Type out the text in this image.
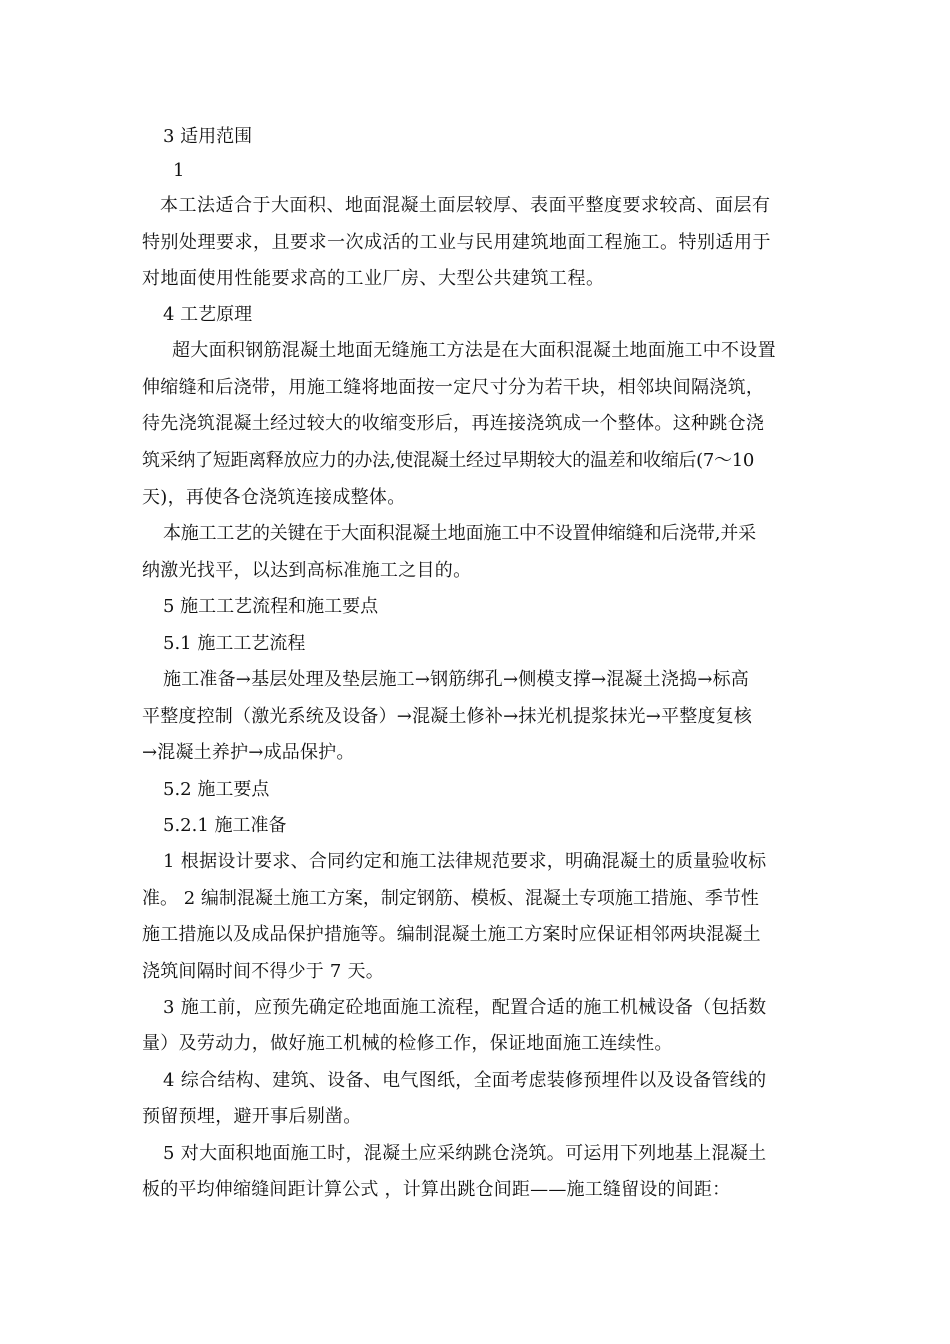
3 适用范围
1
本工法适合于大面积、地面混凝土面层较厚、表面平整度要求较高、面层有
特别处理要求，且要求一次成活的工业与民用建筑地面工程施工。特别适用于
对地面使用性能要求高的工业厂房、大型公共建筑工程。
4 工艺原理
超大面积钢筋混凝土地面无缝施工方法是在大面积混凝土地面施工中不设置
伸缩缝和后浇带，用施工缝将地面按一定尺寸分为若干块，相邻块间隔浇筑，
待先浇筑混凝土经过较大的收缩变形后，再连接浇筑成一个整体。这种跳仓浇
筑采纳了短距离释放应力的办法,使混凝土经过早期较大的温差和收缩后(7～10
天)，再使各仓浇筑连接成整体。
本施工工艺的关键在于大面积混凝土地面施工中不设置伸缩缝和后浇带,并采
纳激光找平，以达到高标准施工之目的。
5 施工工艺流程和施工要点
5.1 施工工艺流程
施工准备→基层处理及垫层施工→钢筋绑孔→侧模支撑→混凝土浇捣→标高
平整度控制（激光系统及设备）→混凝土修补→抹光机提浆抹光→平整度复核
→混凝土养护→成品保护。
5.2 施工要点
5.2.1 施工准备
1 根据设计要求、合同约定和施工法律规范要求，明确混凝土的质量验收标
准。 2 编制混凝土施工方案，制定钢筋、模板、混凝土专项施工措施、季节性
施工措施以及成品保护措施等。编制混凝土施工方案时应保证相邻两块混凝土
浇筑间隔时间不得少于 7 天。
3 施工前，应预先确定砼地面施工流程，配置合适的施工机械设备（包括数
量）及劳动力，做好施工机械的检修工作，保证地面施工连续性。
4 综合结构、建筑、设备、电气图纸，全面考虑装修预埋件以及设备管线的
预留预埋，避开事后剔凿。
5 对大面积地面施工时，混凝土应采纳跳仓浇筑。可运用下列地基上混凝土
板的平均伸缩缝间距计算公式 ，计算出跳仓间距——施工缝留设的间距：
